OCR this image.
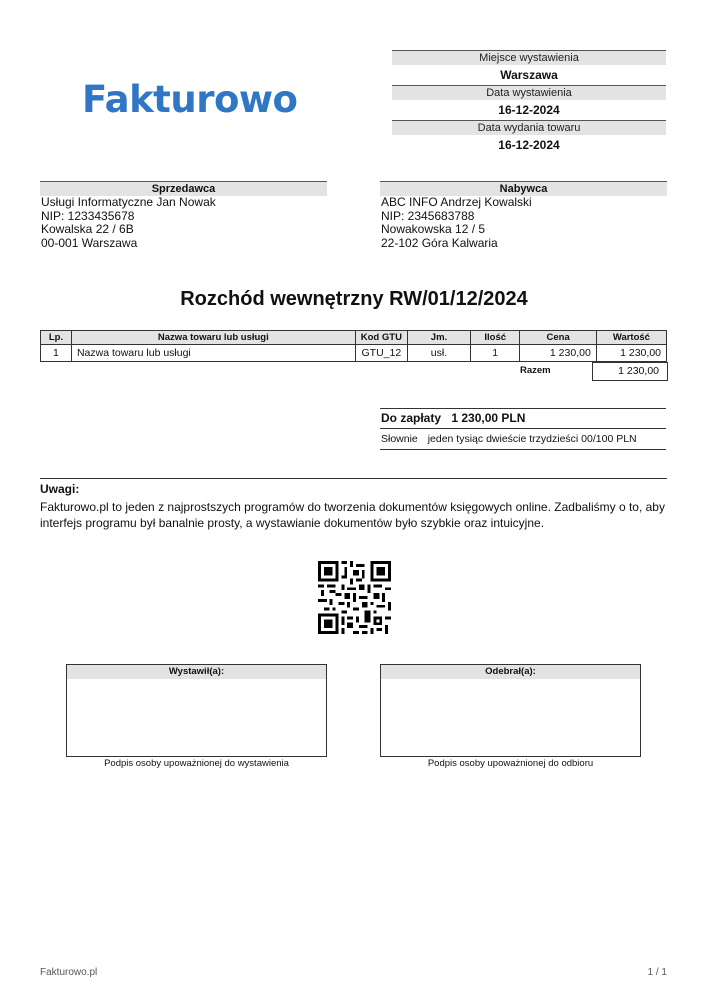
Fakturowo
Miejsce wystawienia
Warszawa
Data wystawienia
16-12-2024
Data wydania towaru
16-12-2024
Sprzedawca
Usługi Informatyczne Jan Nowak
NIP: 1233435678
Kowalska 22 / 6B
00-001 Warszawa
Nabywca
ABC INFO Andrzej Kowalski
NIP: 2345683788
Nowakowska 12 / 5
22-102 Góra Kalwaria
Rozchód wewnętrzny RW/01/12/2024
Lp.	Nazwa towaru lub usługi	Kod GTU	Jm.	Ilość	Cena	Wartość
1	Nazwa towaru lub usługi	GTU_12	usł.	1	1 230,00	1 230,00
Razem	1 230,00
Do zapłaty 1 230,00 PLN
Słownie jeden tysiąc dwieście trzydzieści 00/100 PLN
Uwagi:
Fakturowo.pl to jeden z najprostszych programów do tworzenia dokumentów księgowych online. Zadbaliśmy o to, aby interfejs programu był banalnie prosty, a wystawianie dokumentów było szybkie oraz intuicyjne.
Wystawił(a):
Podpis osoby upoważnionej do wystawienia
Odebrał(a):
Podpis osoby upoważnionej do odbioru
Fakturowo.pl	1 / 1
